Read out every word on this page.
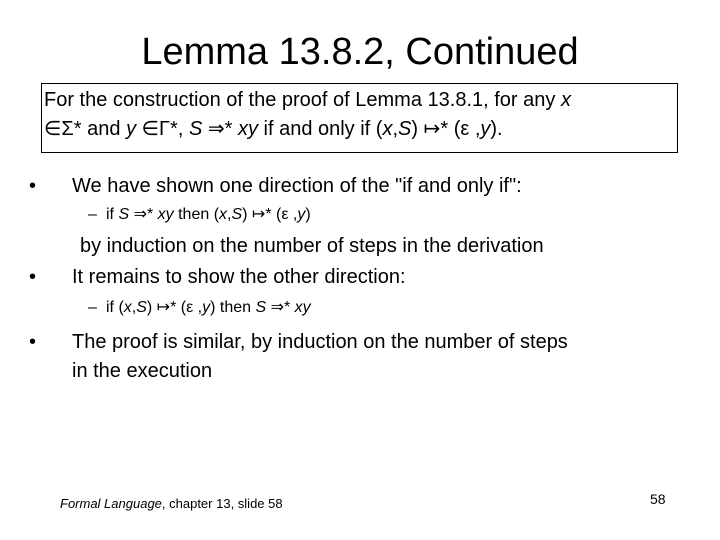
Lemma 13.8.2, Continued
For the construction of the proof of Lemma 13.8.1, for any x
∈Σ* and y ∈Γ*, S ⇒* xy if and only if (x,S) ↦* (ε ,y).
• We have shown one direction of the "if and only if":
– if S ⇒* xy then (x,S) ↦* (ε ,y)
by induction on the number of steps in the derivation
• It remains to show the other direction:
– if (x,S) ↦* (ε ,y) then S ⇒* xy
• The proof is similar, by induction on the number of steps
in the execution
Formal Language, chapter 13, slide 58	58
